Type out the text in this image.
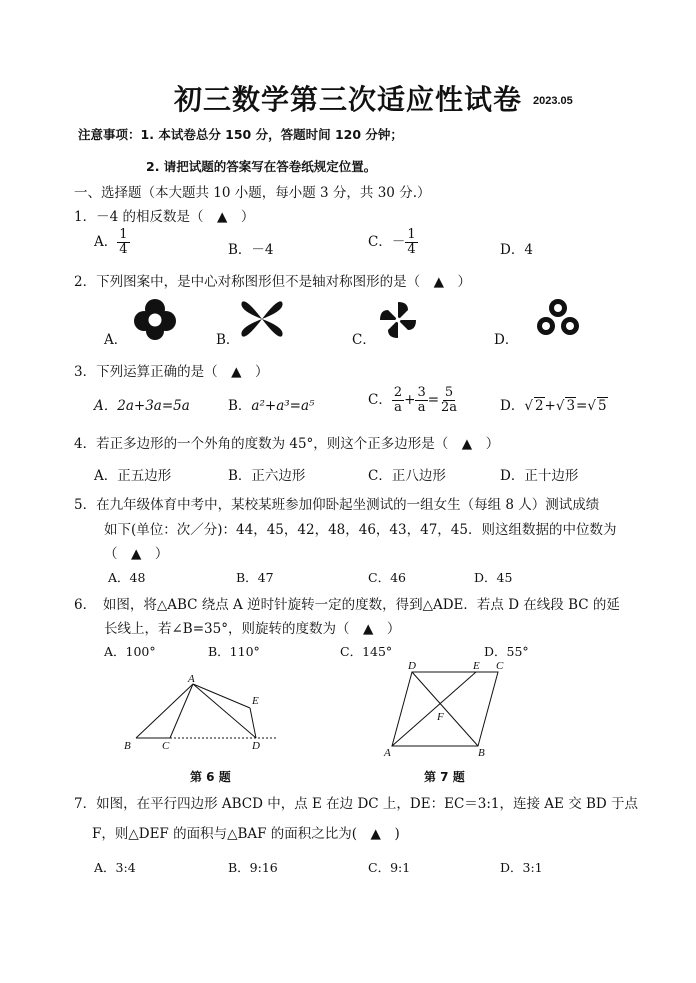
初三数学第三次适应性试卷	2023.05
注意事项：1. 本试卷总分 150 分，答题时间 120 分钟；
2. 请把试题的答案写在答卷纸规定位置。
一、选择题（本大题共 10 小题，每小题 3 分，共 30 分.）
1．－4 的相反数是（　▲　）
A． $\frac{1}{4}$	B．－4	C．－ $\frac{1}{4}$	D．4
2．下列图案中，是中心对称图形但不是轴对称图形的是（　▲　）
A．	B．	C．	D．
3．下列运算正确的是（　▲　）
A．2a+3a=5a	B．a²+a³=a⁵	C． $\frac{2}{a} + \frac{3}{a} = \frac{5}{2a}$	D．√ 2+√ 3=√ 5
4．若正多边形的一个外角的度数为 45°，则这个正多边形是（　▲　）
A．正五边形	B．正六边形	C．正八边形	D．正十边形
5．在九年级体育中考中，某校某班参加仰卧起坐测试的一组女生（每组 8 人）测试成绩
如下(单位：次／分)：44，45，42，48，46，43，47，45．则这组数据的中位数为
（　▲　）
A．48	B．47	C．46	D．45
6．　如图，将△ABC 绕点 A 逆时针旋转一定的度数，得到△ADE．若点 D 在线段 BC 的延
长线上，若∠B=35°，则旋转的度数为（　▲　）
A．100°	B．110°	C．145°	D．55°
A
B	C	D
E
第 6 题
D	E C
A	B
F
第 7 题
7．如图，在平行四边形 ABCD 中，点 E 在边 DC 上，DE：EC＝3:1，连接 AE 交 BD 于点
F，则△DEF 的面积与△BAF 的面积之比为(　▲　)
A．3:4	B．9:16	C．9:1	D．3:1
